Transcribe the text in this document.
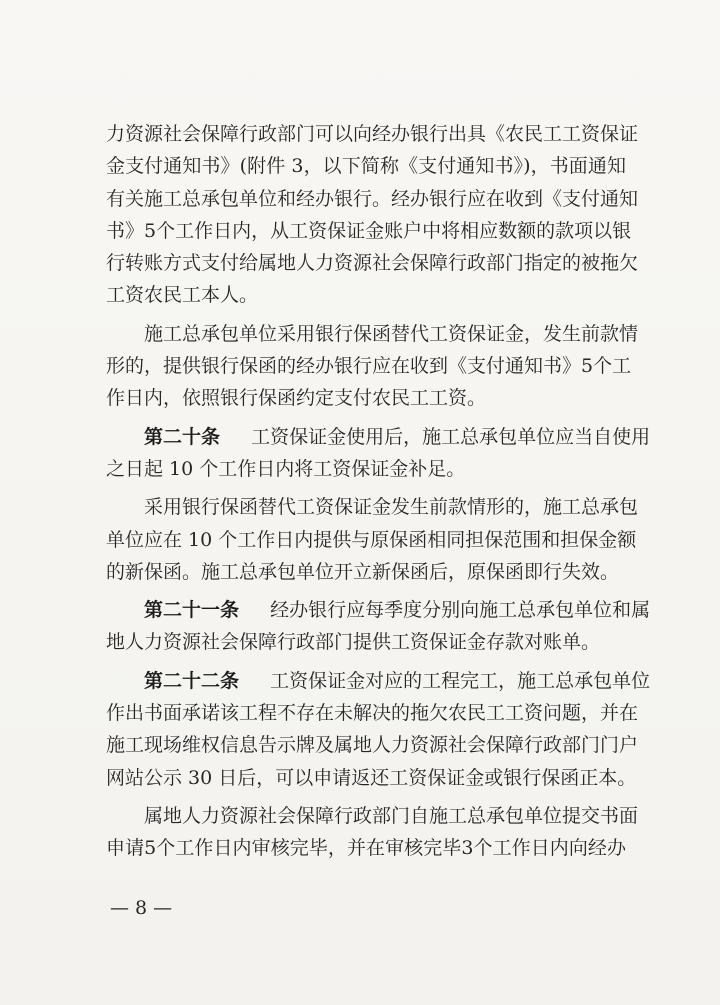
力资源社会保障行政部门可以向经办银行出具《农民工工资保证
金支付通知书》(附件 3，以下简称《支付通知书》)，书面通知
有关施工总承包单位和经办银行。经办银行应在收到《支付通知
书》5个工作日内，从工资保证金账户中将相应数额的款项以银
行转账方式支付给属地人力资源社会保障行政部门指定的被拖欠
工资农民工本人。
施工总承包单位采用银行保函替代工资保证金，发生前款情
形的，提供银行保函的经办银行应在收到《支付通知书》5个工
作日内，依照银行保函约定支付农民工工资。
第二十条 工资保证金使用后，施工总承包单位应当自使用
之日起 10 个工作日内将工资保证金补足。
采用银行保函替代工资保证金发生前款情形的，施工总承包
单位应在 10 个工作日内提供与原保函相同担保范围和担保金额
的新保函。施工总承包单位开立新保函后，原保函即行失效。
第二十一条 经办银行应每季度分别向施工总承包单位和属
地人力资源社会保障行政部门提供工资保证金存款对账单。
第二十二条 工资保证金对应的工程完工，施工总承包单位
作出书面承诺该工程不存在未解决的拖欠农民工工资问题，并在
施工现场维权信息告示牌及属地人力资源社会保障行政部门门户
网站公示 30 日后，可以申请返还工资保证金或银行保函正本。
属地人力资源社会保障行政部门自施工总承包单位提交书面
申请5个工作日内审核完毕，并在审核完毕3个工作日内向经办
— 8 —
